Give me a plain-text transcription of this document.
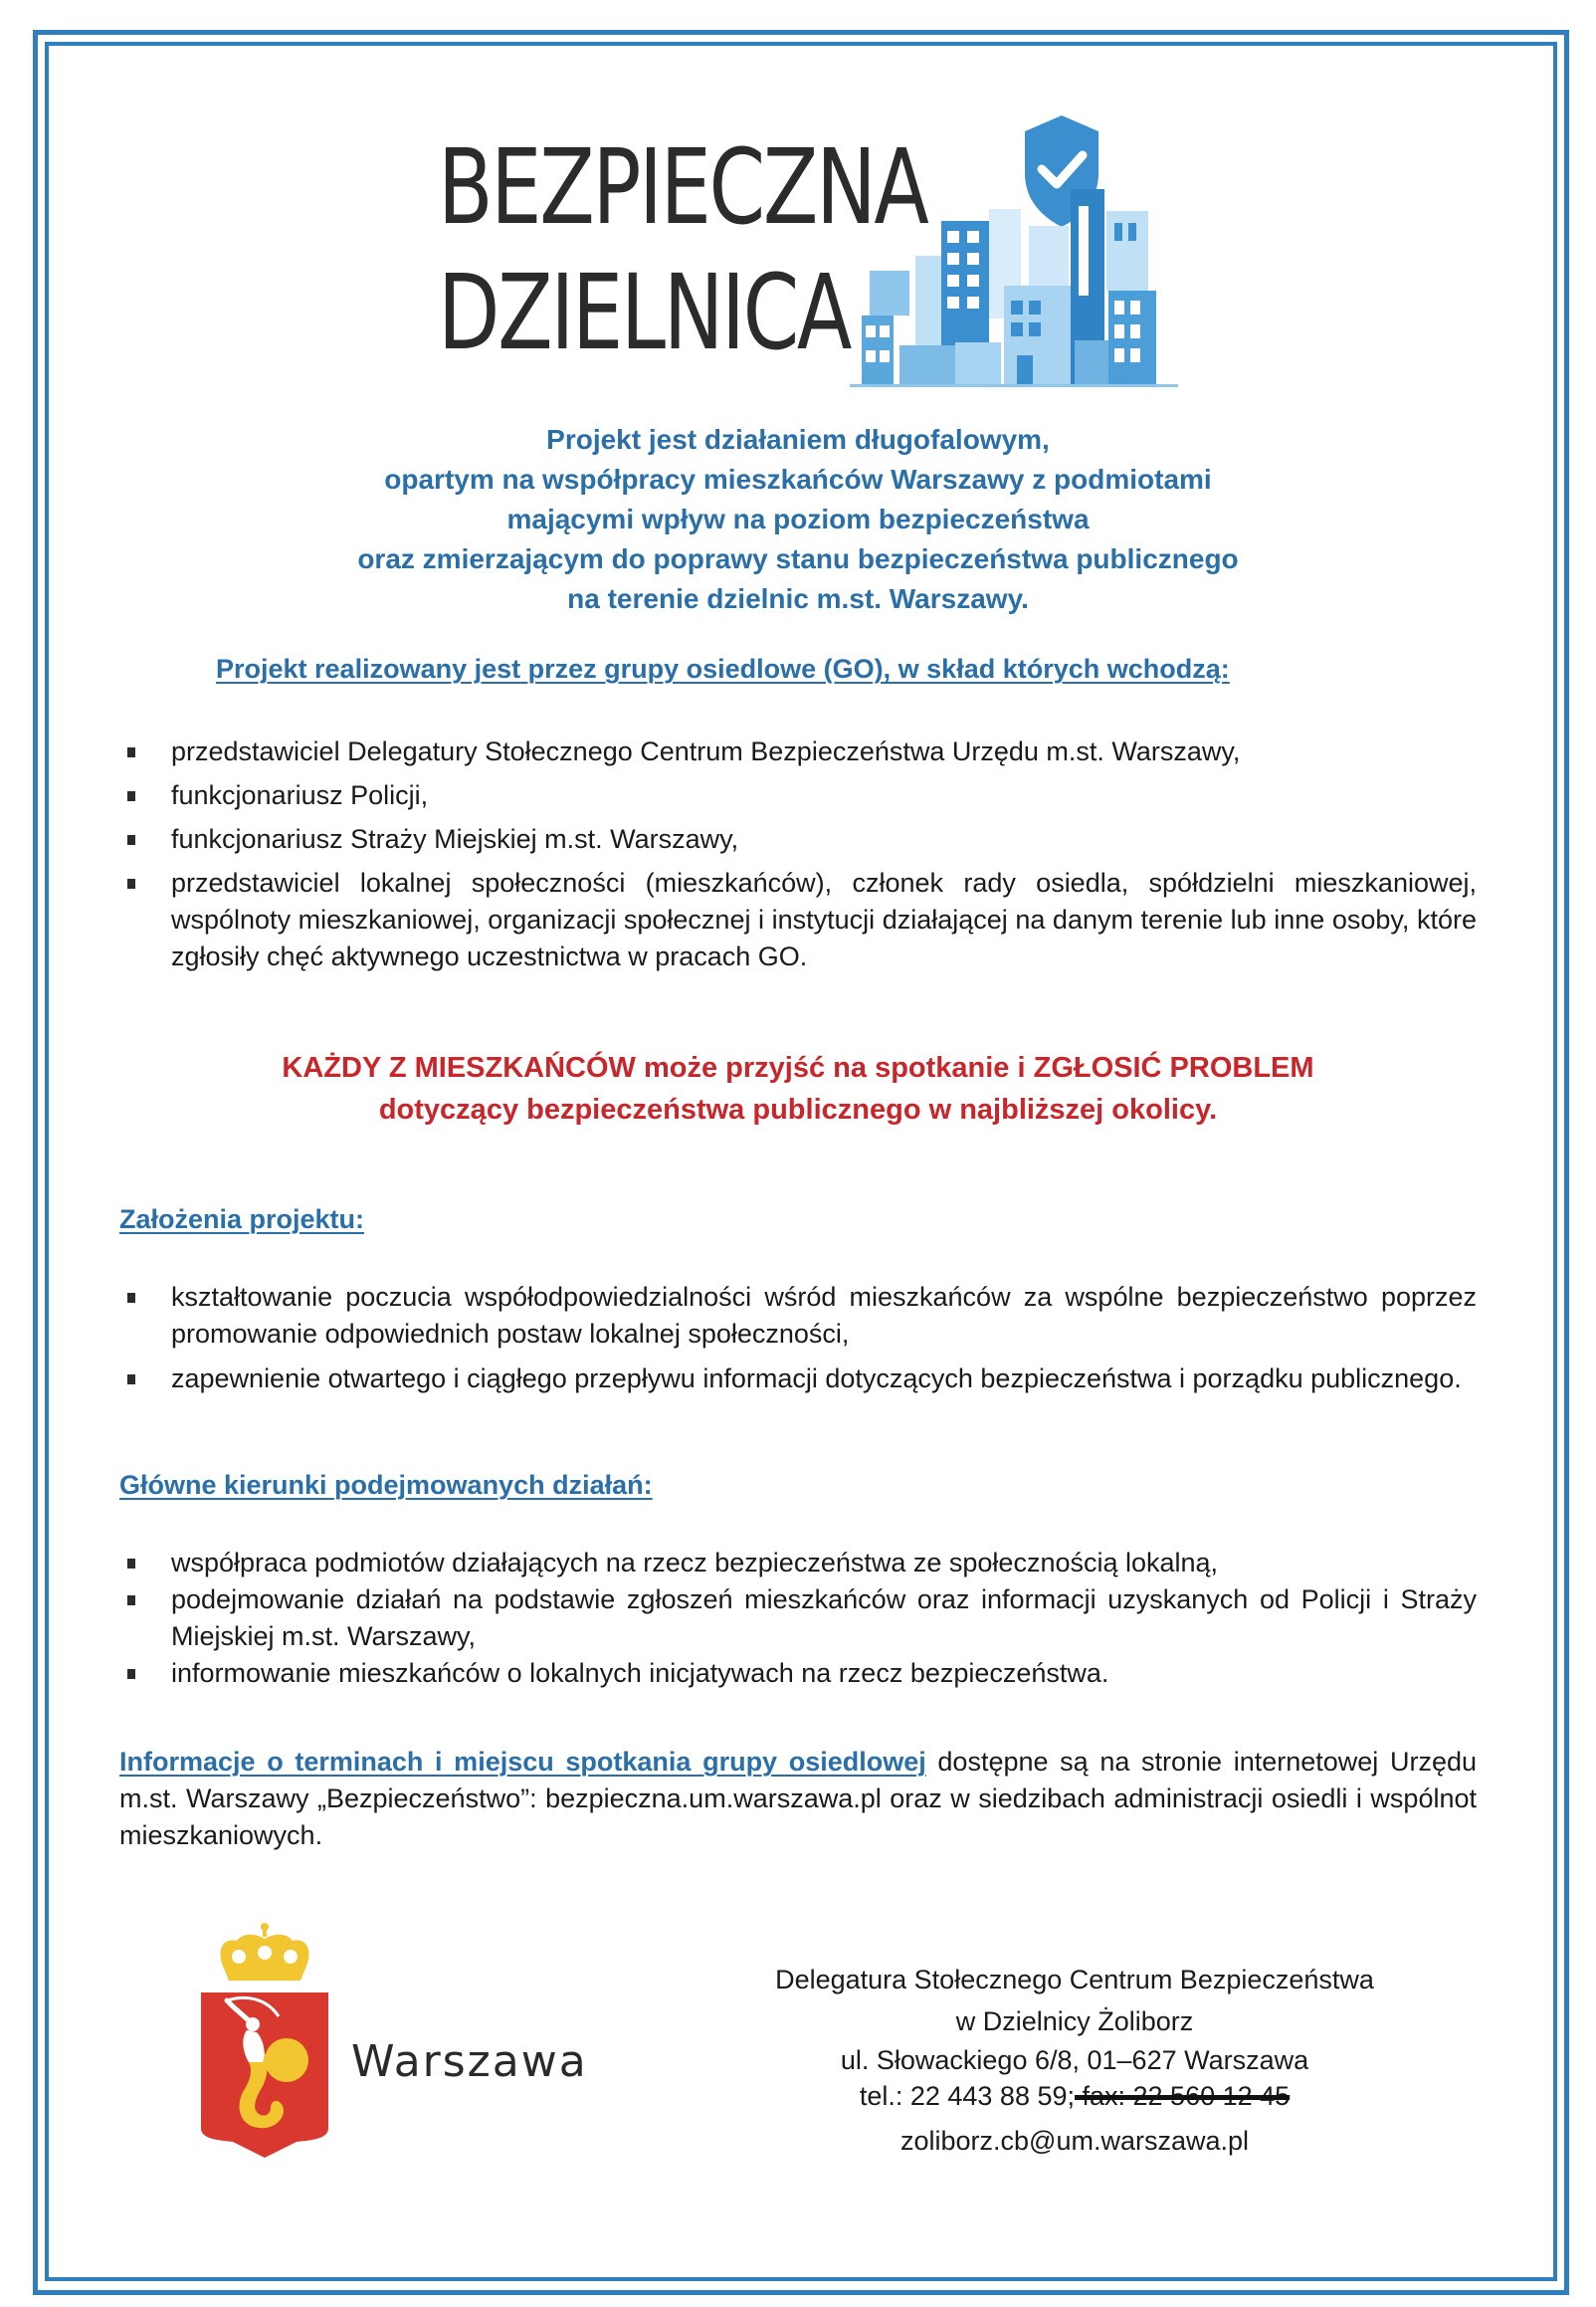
BEZPIECZNA
DZIELNICA
Projekt jest działaniem długofalowym,
opartym na współpracy mieszkańców Warszawy z podmiotami
mającymi wpływ na poziom bezpieczeństwa
oraz zmierzającym do poprawy stanu bezpieczeństwa publicznego
na terenie dzielnic m.st. Warszawy.
Projekt realizowany jest przez grupy osiedlowe (GO), w skład których wchodzą:
przedstawiciel Delegatury Stołecznego Centrum Bezpieczeństwa Urzędu m.st. Warszawy,
funkcjonariusz Policji,
funkcjonariusz Straży Miejskiej m.st. Warszawy,
przedstawiciel lokalnej społeczności (mieszkańców), członek rady osiedla, spółdzielni mieszkaniowej, wspólnoty mieszkaniowej, organizacji społecznej i instytucji działającej na danym terenie lub inne osoby, które zgłosiły chęć aktywnego uczestnictwa w pracach GO.
KAŻDY Z MIESZKAŃCÓW może przyjść na spotkanie i ZGŁOSIĆ PROBLEM
dotyczący bezpieczeństwa publicznego w najbliższej okolicy.
Założenia projektu:
kształtowanie poczucia współodpowiedzialności wśród mieszkańców za wspólne bezpieczeństwo poprzez promowanie odpowiednich postaw lokalnej społeczności,
zapewnienie otwartego i ciągłego przepływu informacji dotyczących bezpieczeństwa i porządku publicznego.
Główne kierunki podejmowanych działań:
współpraca podmiotów działających na rzecz bezpieczeństwa ze społecznością lokalną,
podejmowanie działań na podstawie zgłoszeń mieszkańców oraz informacji uzyskanych od Policji i Straży Miejskiej m.st. Warszawy,
informowanie mieszkańców o lokalnych inicjatywach na rzecz bezpieczeństwa.
Informacje o terminach i miejscu spotkania grupy osiedlowej dostępne są na stronie internetowej Urzędu m.st. Warszawy „Bezpieczeństwo”: bezpieczna.um.warszawa.pl oraz w siedzibach administracji osiedli i wspólnot mieszkaniowych.
Warszawa
Delegatura Stołecznego Centrum Bezpieczeństwa
w Dzielnicy Żoliborz
ul. Słowackiego 6/8, 01–627 Warszawa
tel.: 22 443 88 59; fax: 22 560 12 45
zoliborz.cb@um.warszawa.pl
